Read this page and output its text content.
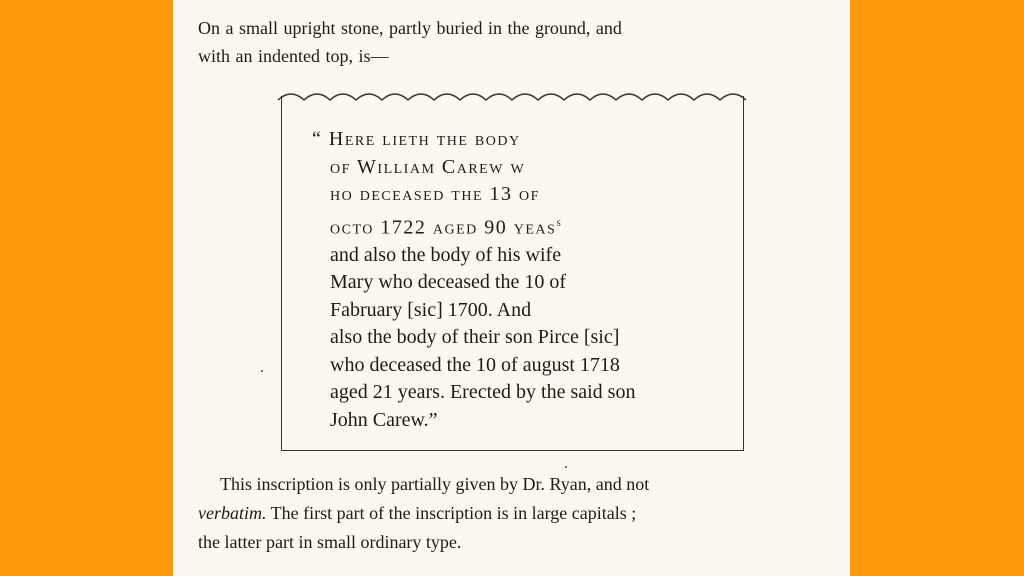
On a small upright stone, partly buried in the ground, and
with an indented top, is—
“ Here lieth the body
of William Carew w
ho deceased the 13 of
octo 1722 aged 90 yeas$^s$
and also the body of his wife
Mary who deceased the 10 of
Fabruary [sic] 1700. And
also the body of their son Pirce [sic]
who deceased the 10 of august 1718
aged 21 years. Erected by the said son
John Carew.”
This inscription is only partially given by Dr. Ryan, and not
verbatim. The first part of the inscription is in large capitals ;
the latter part in small ordinary type.
